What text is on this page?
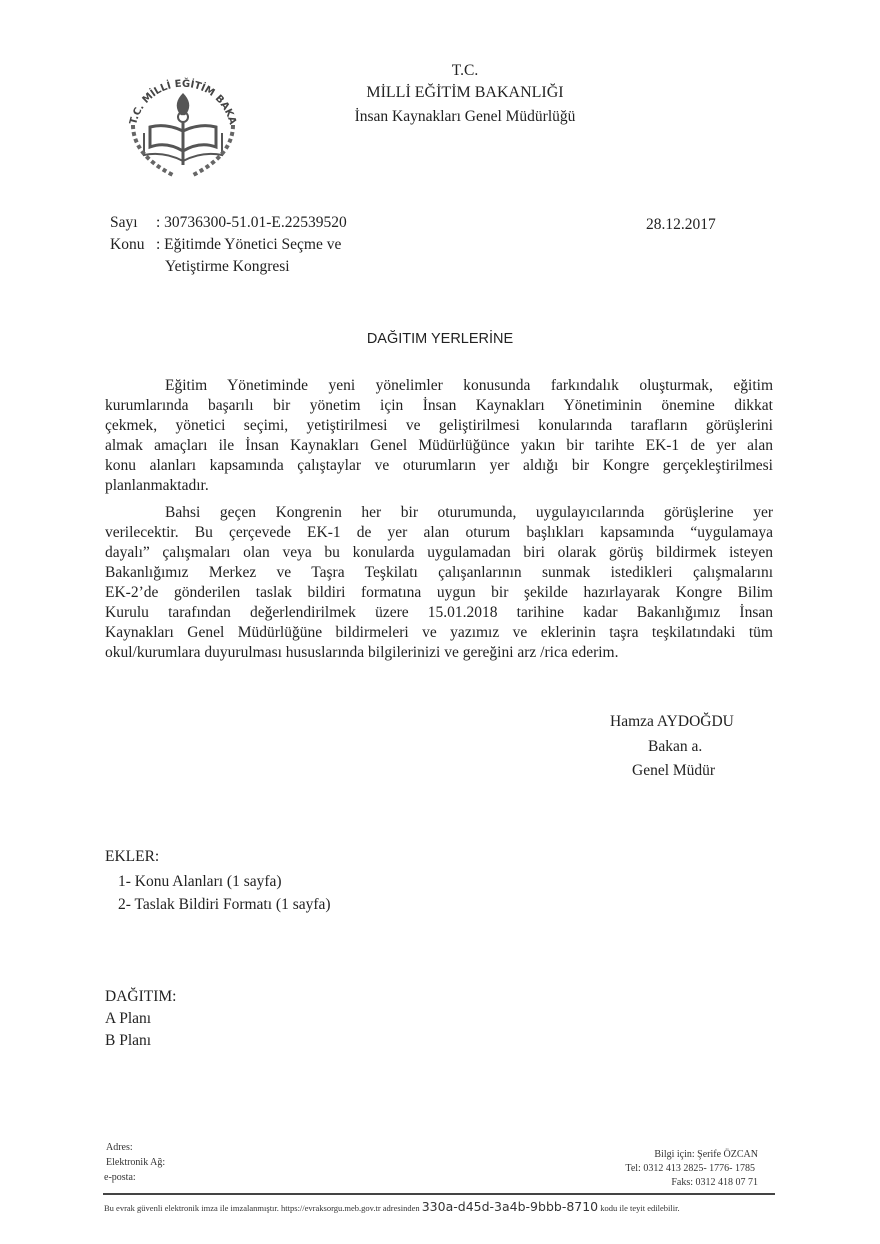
T.C. MİLLİ EĞİTİM BAKA
T.C.
MİLLİ EĞİTİM BAKANLIĞI
İnsan Kaynakları Genel Müdürlüğü
Sayı : 30736300-51.01-E.22539520
Konu : Eğitimde Yönetici Seçme ve
Yetiştirme Kongresi
28.12.2017
DAĞITIM YERLERİNE
Eğitim Yönetiminde yeni yönelimler konusunda farkındalık oluşturmak, eğitim
kurumlarında başarılı bir yönetim için İnsan Kaynakları Yönetiminin önemine dikkat
çekmek, yönetici seçimi, yetiştirilmesi ve geliştirilmesi konularında tarafların görüşlerini
almak amaçları ile İnsan Kaynakları Genel Müdürlüğünce yakın bir tarihte EK-1 de yer alan
konu alanları kapsamında çalıştaylar ve oturumların yer aldığı bir Kongre gerçekleştirilmesi
planlanmaktadır.
Bahsi geçen Kongrenin her bir oturumunda, uygulayıcılarında görüşlerine yer
verilecektir. Bu çerçevede EK-1 de yer alan oturum başlıkları kapsamında “uygulamaya
dayalı” çalışmaları olan veya bu konularda uygulamadan biri olarak görüş bildirmek isteyen
Bakanlığımız Merkez ve Taşra Teşkilatı çalışanlarının sunmak istedikleri çalışmalarını
EK-2’de gönderilen taslak bildiri formatına uygun bir şekilde hazırlayarak Kongre Bilim
Kurulu tarafından değerlendirilmek üzere 15.01.2018 tarihine kadar Bakanlığımız İnsan
Kaynakları Genel Müdürlüğüne bildirmeleri ve yazımız ve eklerinin taşra teşkilatındaki tüm
okul/kurumlara duyurulması hususlarında bilgilerinizi ve gereğini arz /rica ederim.
Hamza AYDOĞDU
Bakan a.
Genel Müdür
EKLER:
1- Konu Alanları (1 sayfa)
2- Taslak Bildiri Formatı (1 sayfa)
DAĞITIM:
A Planı
B Planı
Adres:
Elektronik Ağ:
e-posta:
Bilgi için: Şerife ÖZCAN
Tel: 0312 413 2825- 1776- 1785
Faks: 0312 418 07 71
Bu evrak güvenli elektronik imza ile imzalanmıştır. https://evraksorgu.meb.gov.tr adresinden 330a-d45d-3a4b-9bbb-8710 kodu ile teyit edilebilir.
